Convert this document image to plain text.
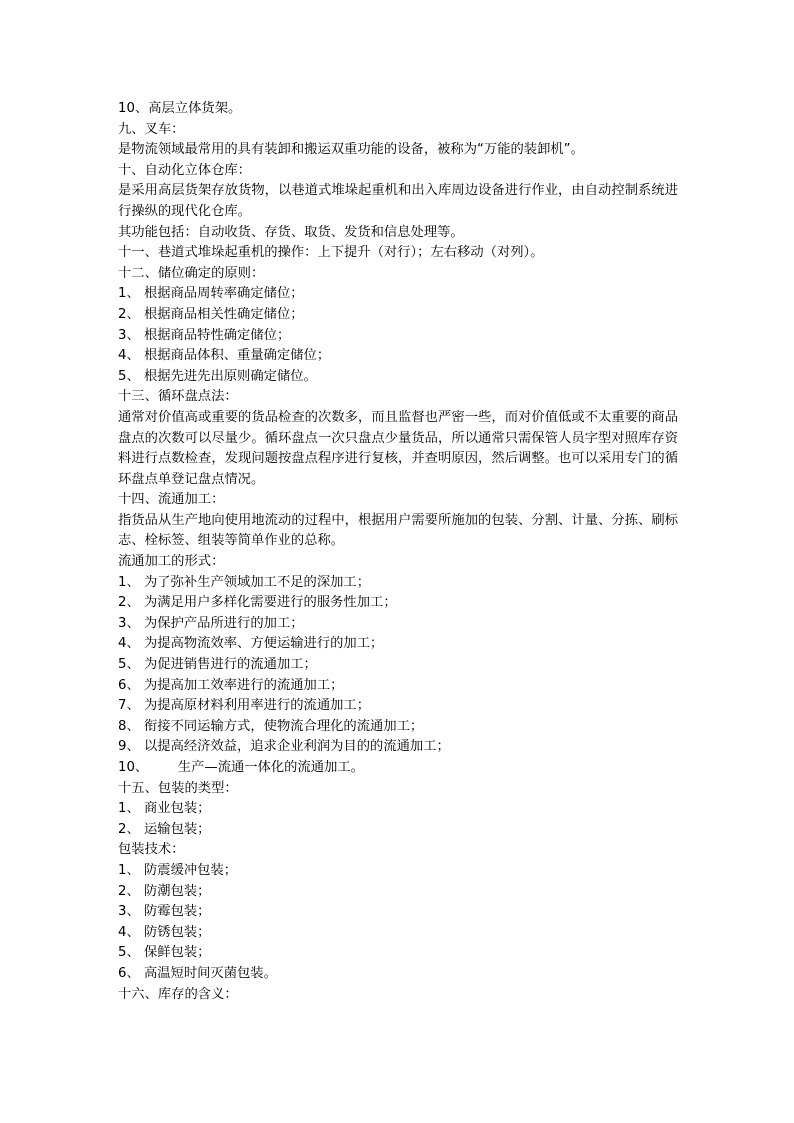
10、高层立体货架。

九、叉车：

是物流领域最常用的具有装卸和搬运双重功能的设备，被称为“万能的装卸机”。

十、自动化立体仓库：

是采用高层货架存放货物，以巷道式堆垛起重机和出入库周边设备进行作业，由自动控制系统进行操纵的现代化仓库。

其功能包括：自动收货、存货、取货、发货和信息处理等。

十一、巷道式堆垛起重机的操作：上下提升（对行）；左右移动（对列）。

十二、储位确定的原则：

1、 根据商品周转率确定储位；

2、 根据商品相关性确定储位；

3、 根据商品特性确定储位；

4、 根据商品体积、重量确定储位；

5、 根据先进先出原则确定储位。

十三、循环盘点法：

通常对价值高或重要的货品检查的次数多，而且监督也严密一些，而对价值低或不太重要的商品盘点的次数可以尽量少。循环盘点一次只盘点少量货品，所以通常只需保管人员字型对照库存资料进行点数检查，发现问题按盘点程序进行复核，并查明原因，然后调整。也可以采用专门的循环盘点单登记盘点情况。

十四、流通加工：

指货品从生产地向使用地流动的过程中，根据用户需要所施加的包装、分割、计量、分拣、刷标志、栓标签、组装等简单作业的总称。

流通加工的形式：

1、 为了弥补生产领域加工不足的深加工；

2、 为满足用户多样化需要进行的服务性加工；

3、 为保护产品所进行的加工；

4、 为提高物流效率、方便运输进行的加工；

5、 为促进销售进行的流通加工；

6、 为提高加工效率进行的流通加工；

7、 为提高原材料利用率进行的流通加工；

8、 衔接不同运输方式，使物流合理化的流通加工；

9、 以提高经济效益，追求企业利润为目的的流通加工；

10、       生产—流通一体化的流通加工。

十五、包装的类型：

1、 商业包装；

2、 运输包装；

包装技术：

1、 防震缓冲包装；

2、 防潮包装；

3、 防霉包装；

4、 防锈包装；

5、 保鲜包装；

6、 高温短时间灭菌包装。

十六、库存的含义：
